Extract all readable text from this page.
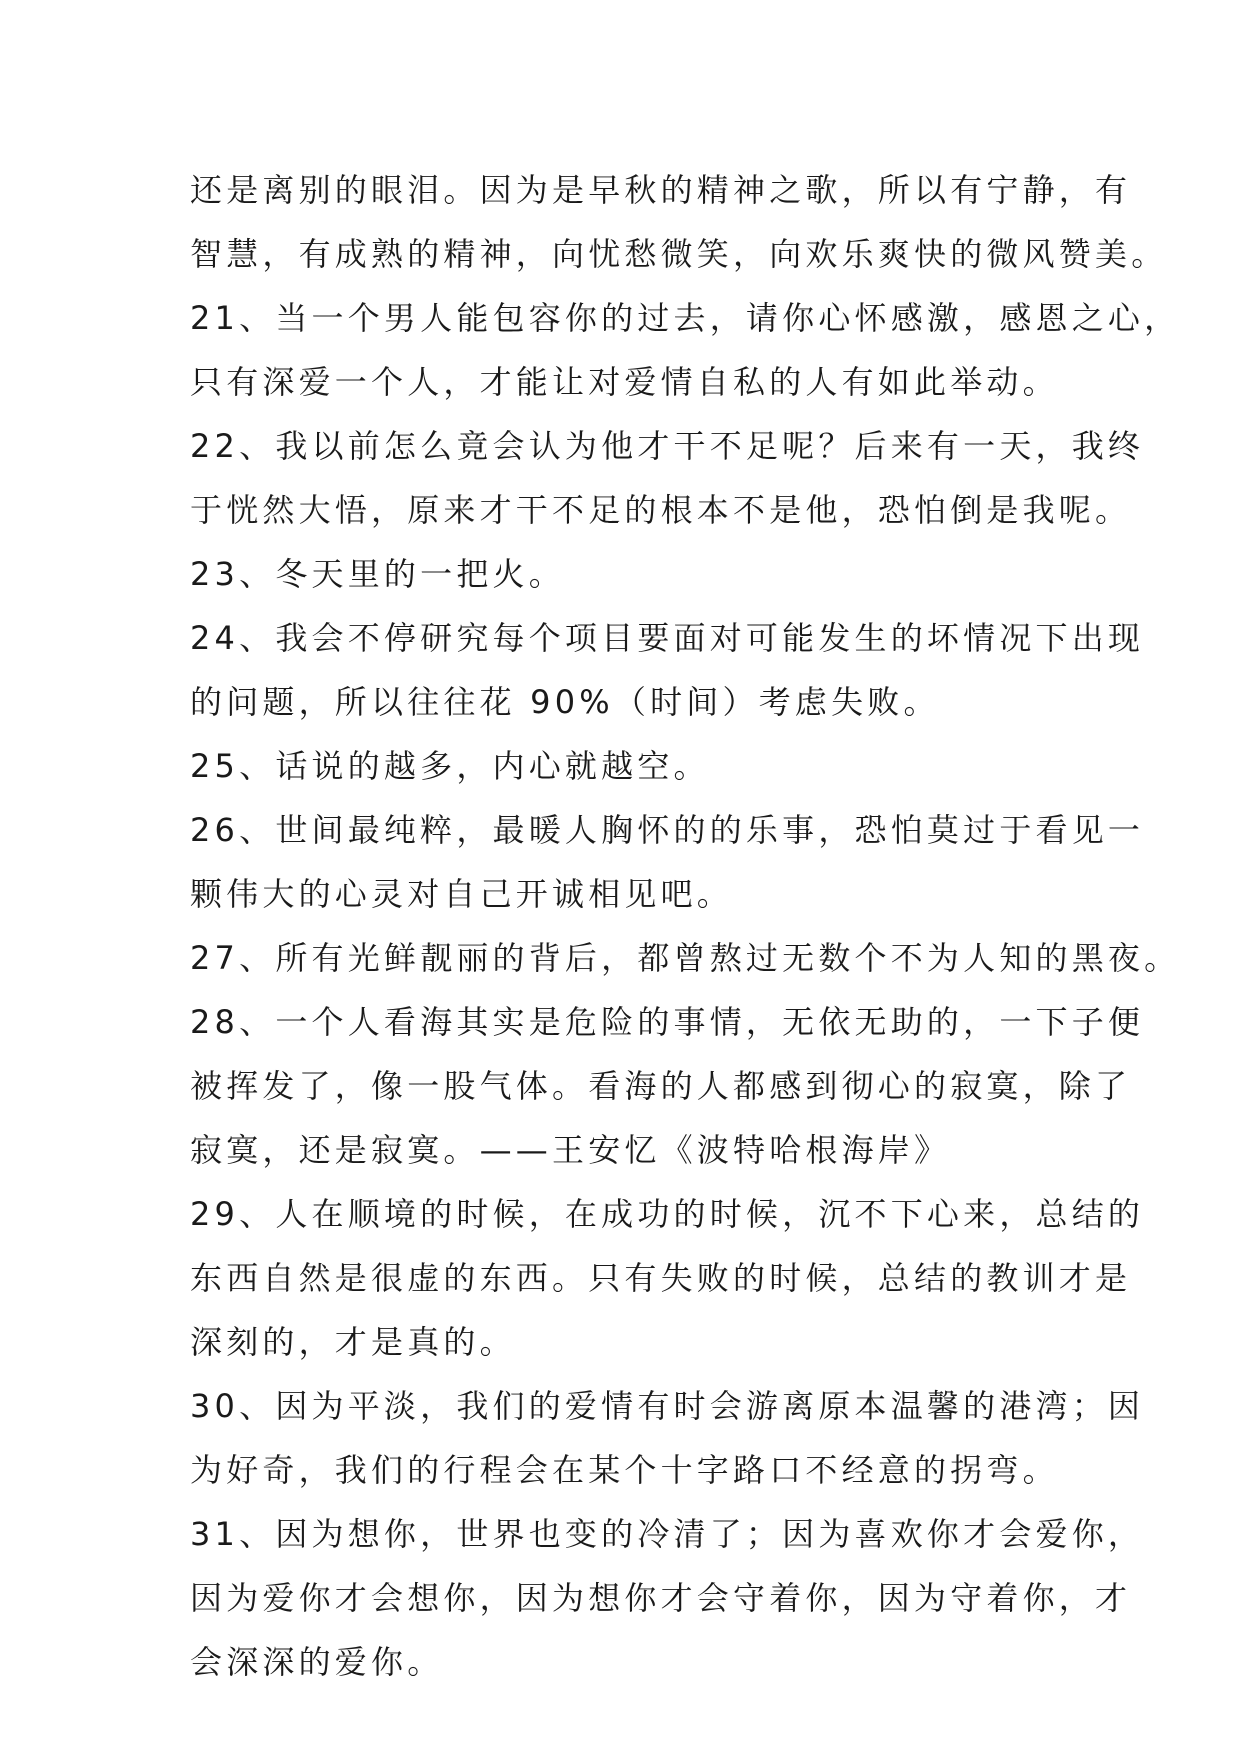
还是离别的眼泪。因为是早秋的精神之歌，所以有宁静，有
智慧，有成熟的精神，向忧愁微笑，向欢乐爽快的微风赞美。
21、当一个男人能包容你的过去，请你心怀感激，感恩之心，
只有深爱一个人，才能让对爱情自私的人有如此举动。
22、我以前怎么竟会认为他才干不足呢？后来有一天，我终
于恍然大悟，原来才干不足的根本不是他，恐怕倒是我呢。
23、冬天里的一把火。
24、我会不停研究每个项目要面对可能发生的坏情况下出现
的问题，所以往往花 90%（时间）考虑失败。
25、话说的越多，内心就越空。
26、世间最纯粹，最暖人胸怀的的乐事，恐怕莫过于看见一
颗伟大的心灵对自己开诚相见吧。
27、所有光鲜靓丽的背后，都曾熬过无数个不为人知的黑夜。
28、一个人看海其实是危险的事情，无依无助的，一下子便
被挥发了，像一股气体。看海的人都感到彻心的寂寞，除了
寂寞，还是寂寞。——王安忆《波特哈根海岸》
29、人在顺境的时候，在成功的时候，沉不下心来，总结的
东西自然是很虚的东西。只有失败的时候，总结的教训才是
深刻的，才是真的。
30、因为平淡，我们的爱情有时会游离原本温馨的港湾；因
为好奇，我们的行程会在某个十字路口不经意的拐弯。
31、因为想你，世界也变的冷清了；因为喜欢你才会爱你，
因为爱你才会想你，因为想你才会守着你，因为守着你，才
会深深的爱你。
